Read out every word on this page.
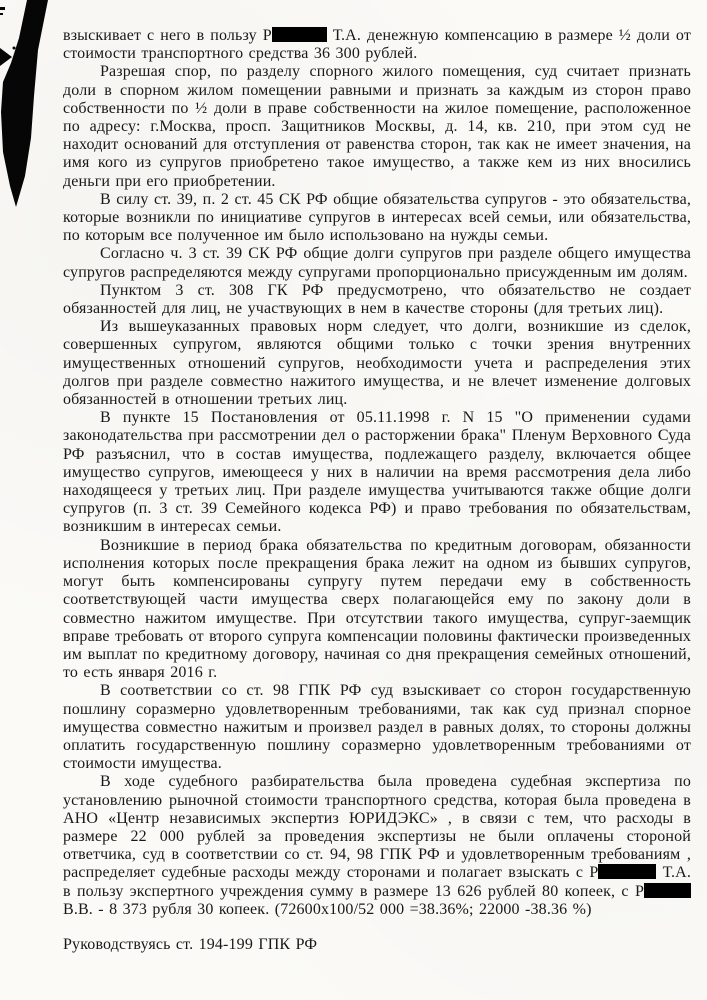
взыскивает с него в пользу Р	Т.А. денежную компенсацию в размере ½ доли от стоимости транспортного средства 36 300 рублей.

Разрешая спор, по разделу спорного жилого помещения, суд считает признать доли в спорном жилом помещении равными и признать за каждым из сторон право собственности по ½ доли в праве собственности на жилое помещение, расположенное по адресу: г.Москва, просп. Защитников Москвы, д. 14, кв. 210, при этом суд не находит оснований для отступления от равенства сторон, так как не имеет значения, на имя кого из супругов приобретено такое имущество, а также кем из них вносились деньги при его приобретении.

В силу ст. 39, п. 2 ст. 45 СК РФ общие обязательства супругов - это обязательства, которые возникли по инициативе супругов в интересах всей семьи, или обязательства, по которым все полученное им было использовано на нужды семьи.

Согласно ч. 3 ст. 39 СК РФ общие долги супругов при разделе общего имущества супругов распределяются между супругами пропорционально присужденным им долям.

Пунктом 3 ст. 308 ГК РФ предусмотрено, что обязательство не создает обязанностей для лиц, не участвующих в нем в качестве стороны (для третьих лиц).

Из вышеуказанных правовых норм следует, что долги, возникшие из сделок, совершенных супругом, являются общими только с точки зрения внутренних имущественных отношений супругов, необходимости учета и распределения этих долгов при разделе совместно нажитого имущества, и не влечет изменение долговых обязанностей в отношении третьих лиц.

В пункте 15 Постановления от 05.11.1998 г. N 15 "О применении судами законодательства при рассмотрении дел о расторжении брака" Пленум Верховного Суда РФ разъяснил, что в состав имущества, подлежащего разделу, включается общее имущество супругов, имеющееся у них в наличии на время рассмотрения дела либо находящееся у третьих лиц. При разделе имущества учитываются также общие долги супругов (п. 3 ст. 39 Семейного кодекса РФ) и право требования по обязательствам, возникшим в интересах семьи.

Возникшие в период брака обязательства по кредитным договорам, обязанности исполнения которых после прекращения брака лежит на одном из бывших супругов, могут быть компенсированы супругу путем передачи ему в собственность соответствующей части имущества сверх полагающейся ему по закону доли в совместно нажитом имуществе. При отсутствии такого имущества, супруг-заемщик вправе требовать от второго супруга компенсации половины фактически произведенных им выплат по кредитному договору, начиная со дня прекращения семейных отношений, то есть января 2016 г.

В соответствии со ст. 98 ГПК РФ суд взыскивает со сторон государственную пошлину соразмерно удовлетворенным требованиями, так как суд признал спорное имущества совместно нажитым и произвел раздел в равных долях, то стороны должны оплатить государственную пошлину соразмерно удовлетворенным требованиями от стоимости имущества.

В ходе судебного разбирательства была проведена судебная экспертиза по установлению рыночной стоимости транспортного средства, которая была проведена в АНО «Центр независимых экспертиз ЮРИДЭКС» , в связи с тем, что расходы в размере 22 000 рублей за проведения экспертизы не были оплачены стороной ответчика, суд в соответствии со ст. 94, 98 ГПК РФ и удовлетворенным требованиям , распределяет судебные расходы между сторонами и полагает взыскать с Р	Т.А. в пользу экспертного учреждения сумму в размере 13 626 рублей 80 копеек, с Р В.В. - 8 373 рубля 30 копеек. (72600х100/52 000 =38.36%; 22000 -38.36 %)

Руководствуясь ст. 194-199 ГПК РФ
